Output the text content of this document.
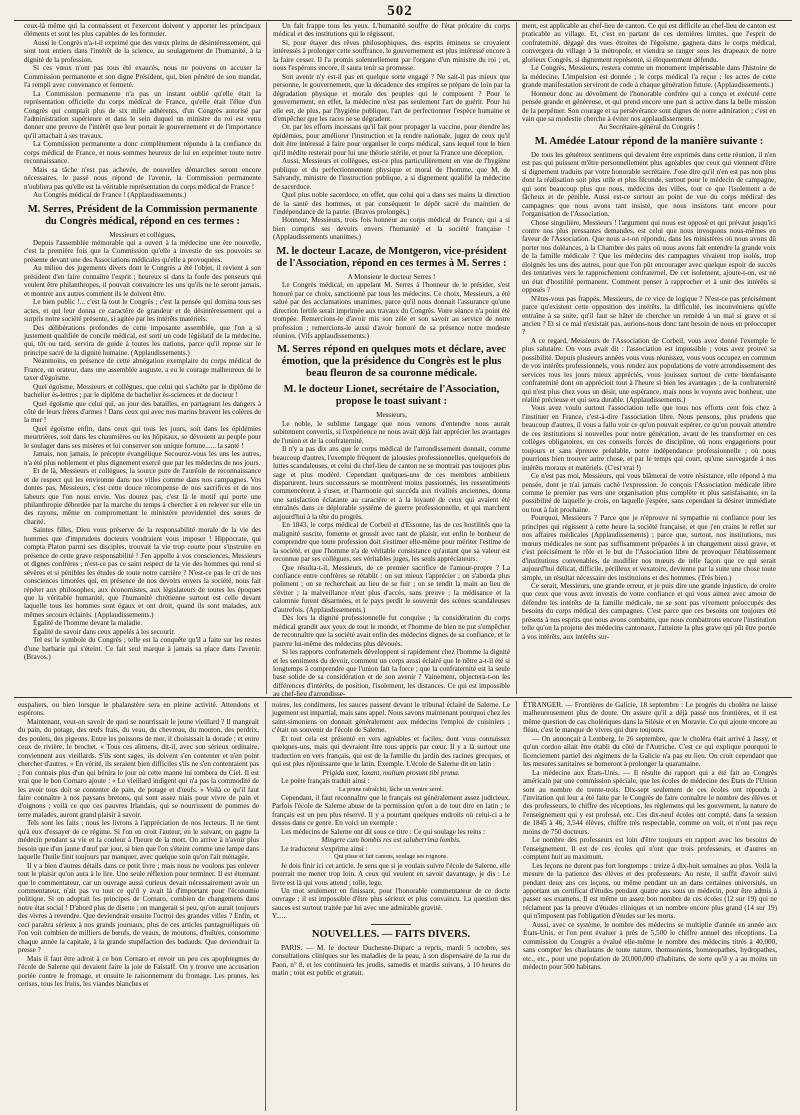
502

ceux-là même qui la connaissent et l'exercent doivent y apporter les principaux éléments et sont les plus capables de les formuler.

Aussi le Congrès n'a-t-il exprimé que des vœux pleins de désintéressement, qui sont tout entiers dans l'intérêt de la science, au soulagement de l'humanité, à la dignité de la profession.

Si ces vœux n'ont pas tous été exaucés, nous ne pouvons en accuser la Commission permanente et son digne Président, qui, bien pénétré de son mandat, l'a rempli avec convenance et fermeté.

La Commission permanente n'a pas un instant oublié qu'elle était la représentation officielle du corps médical de France, qu'elle était l'élue d'un Congrès qui comptait plus de six mille adhérents, d'un Congrès autorisé par l'administration supérieure et dans le sein duquel un ministre du roi est venu donner une preuve de l'intérêt que leur portait le gouvernement et de l'importance qu'il attachait à ses travaux.

La Commission permanente a donc complètement répondu à la confiance du corps médical de France, et nous sommes heureux de lui en exprimer toute notre reconnaissance.

Mais sa tâche n'est pas achevée, de nouvelles démarches seront encore nécessaires, le passé nous répond de l'avenir, la Commission permanente n'oubliera pas qu'elle est la véritable représentation du corps médical de France !

Au Congrès médical de France ! (Applaudissements.)

M. Serres, Président de la Commission permanente du Congrès médical, répond en ces termes :

Messieurs et collègues,

Depuis l'assemblée mémorable qui a ouvert à la médecine une ère nouvelle, c'est la première fois que la Commission qu'elle a investie de ses pouvoirs se présente devant une des Associations médicales qu'elle a provoquées.

Au milieu des jugements divers dont le Congrès a été l'objet, il revient à son président d'en faire connaître l'esprit ; heureux si dans la foule des penseurs qui veulent être philanthropes, il pouvait convaincre les uns qu'ils ne le seront jamais, et montrer aux autres comment ils le doivent être.

Le bien public !... c'est là tout le Congrès ; c'est la pensée qui domina tous ses actes, et qui leur donna ce caractère de grandeur et de désintéressement qui a surpris notre société présente, si agitée par les intérêts matériels.

Des délibérations profondes de cette imposante assemblée, que l'on a si justement qualifiée de concile médical, est sorti un code législatif de la médecine, qui, tôt ou tard, servira de guide à toutes les nations, parce qu'il repose sur le principe sacré de la dignité humaine. (Applaudissements.)

Néanmoins, en présence de cette abnégation exemplaire du corps médical de France, un orateur, dans une assemblée auguste, a eu le courage malheureux de le taxer d'égoïsme.

Quel égoïsme, Messieurs et collègues, que celui qui s'achète par le diplôme de bachelier ès-lettres ; par le diplôme de bachelier ès-sciences et de docteur !

Quel égoïsme que celui qui, au jour des batailles, en partageant les dangers à côté de leurs frères d'armes ! Dans ceux qui avec nos marins bravent les colères de la mer !

Quel égoïsme enfin, dans ceux qui tous les jours, soit dans les épidémies meurtrières, soit dans les chaumières ou les hôpitaux, se dévouent au peuple pour le soulager dans ses misères et lui conserver son unique fortune...... la santé !

Jamais, non jamais, le précepte évangélique Secourez-vous les uns les autres, n'a été plus noblement et plus dignement exercé que par les médecins de nos jours.

Et de là, Messieurs et collègues, la source pure de l'auréole de reconnaissance et de respect qui les environne dans nos villes comme dans nos campagnes. Vos dontes pas, Messieurs, c'est cette douce récompense de nos sacrifices et de nos labeurs que l'on nous envie. Vos doutez pas, c'est là le motif qui porte une philanthropie débordée par la marche du temps à chercher à en relever sur elle un des rayons, même en compromettant le ministère providentiel des sœurs de charité.

Saintes filles, Dieu vous préserve de la responsabilité morale de la vie des hommes que d'imprudens docteurs voudraient vous imposer ! Hippocrate, qui compta Platon parmi ses disciples, trouvait la vie trop courte pour s'instruire en présence de cette grave responsabilité ! J'en appelle à vos consciences, Messieurs et dignes confrères ; n'est-ce pas ce saint respect de la vie des hommes qui rend si sévères et si pénibles les études de toute notre carrière ? N'est-ce pas le cri de nos consciences timorées qui, en présence de nos devoirs envers la société, nous fait répéter aux philosophes, aux économistes, aux législateurs de toutes les époques que la véritable humanité, que l'humanité chrétienne surtout est celle devant laquelle tous les hommes sont égaux et ont droit, quand ils sont malades, aux mêmes secours éclairés. (Applaudissements.)

Égalité de l'homme devant la maladie.

Égalité de savoir dans ceux appelés à les secourir.

Tel est le symbole du Congrès ; telle est la conquête qu'il a faite sur les restes d'une barbarie qui s'éteint. Ce fait seul marque à jamais sa place dans l'avenir. (Bravos.)

Un fait frappe tous les yeux. L'humanité souffre de l'état précaire du corps médical et des institutions qui le régissent.

Si, pour étayer des rêves philosophiques, des esprits éminens se croyaient intéressés à prolonger cette souffrance, le gouvernement est plus intéressé encore à la faire cesser. Il l'a promis solennellement par l'organe d'un ministre du roi ; et, nous l'espérons encore, il saura tenir sa promesse.

Son avenir n'y est-il pas en quelque sorte engagé ? Ne sait-il pas mieux que personne, le gouvernement, que la décadence des empires se prépare de loin par la dégradation physique et morale des peuples qui le composent ? Pour le gouvernement, en effet, la médecine n'est pas seulement l'art de guérir. Pour lui elle est, de plus, par l'hygiène publique, l'art de perfectionner l'espèce humaine et d'empêcher que les races ne se dégradent.

Or, par les efforts incessans qu'il fait pour propager la vaccine, pour étendre les épidémies, pour améliorer l'instruction et la rendre nationale, jugez de ceux qu'il doit être intéressé à faire pour organiser le corps médical, sans lequel tout le bien qu'il médite resterait pour lui une théorie stérile, et pour la France une déception.

Aussi, Messieurs et collègues, est-ce plus particulièrement en vue de l'hygiène publique et du perfectionnement physique et moral de l'homme, que M. de Salvandy, ministre de l'instruction publique, a si dignement qualifié la médecine de sacerdoce.

Quel plus noble sacerdoce, en effet, que celui qui a dans ses mains la direction de la santé des hommes, et par conséquent le dépôt sacré du maintien de l'indépendance de la patrie. (Bravos prolongés.)

Honneur, Messieurs, trois fois honneur au corps médical de France, qui a si bien compris ses devoirs envers l'humanité et la société française ! (Applaudissements unanimes.)

M. le docteur Lacaze, de Montgeron, vice-président de l'Association, répond en ces termes à M. Serres :

A Monsieur le docteur Serres !

Le Congrès médical, en appelant M. Serres à l'honneur de le présider, s'est honoré par ce choix, sanctionné par tous les médecins. Ce choix, Messieurs, a été salué par des acclamations unanimes, parce qu'il nous donnait l'assurance qu'une direction fertile serait imprimée aux travaux du Congrès. Votre séance n'a point été trompée. Remercions-le d'avoir mis son zèle et son savoir au service de notre profession ; remercions-le aussi d'avoir honoré de sa présence notre modeste réunion. (Vifs applaudissements.)

M. Serres répond en quelques mots et déclare, avec émotion, que la présidence du Congrès est le plus beau fleuron de sa couronne médicale.

M. le docteur Lionet, secrétaire de l'Association, propose le toast suivant :

Messieurs,

Le noble, le sublime langage que nous venons d'entendre nous aurait subitement convertis, si l'expérience ne nous avait déjà fait apprécier les avantages de l'union et de la confraternité.

Il n'y a pas dix ans que le corps médical de l'arrondissement donnait, comme beaucoup d'autres, l'exemple fréquent de jalousies professionnelles, quelquefois de luttes scandaleuses, et celui du chef-lieu de canton ne se montrait pas toujours plus sage et plus modéré. Cependant quelques-uns de ces membres ambitieux disparurent, leurs successeurs se montrèrent moins passionnés, les ressentiments commencèrent à s'user, et l'harmonie qui succéda aux rivalités anciennes, donna une satisfaction éclatante au caractère et à la loyauté de ceux qui avaient été entraînés dans ce déplorable système de guerre professionnelle, et qui marchent aujourd'hui à la tête du progrès.

En 1843, le corps médical de Corbeil et d'Essonne, las de ces hostilités que la malignité suscite, fomente et grossit avec tant de plaisir, eut enfin le bonheur de comprendre que toute profession doit s'estimer elle-même pour mériter l'estime de la société, et que l'homme n'a de véritable consistance qu'autant que sa valeur est reconnue par ses collègues, ses véritables juges, les seuls appréciateurs.

Que résulta-t-il, Messieurs, de ce premier sacrifice de l'amour-propre ? La confiance entre confrères se rétablit : on sut mieux l'apprécier ; on s'aborda plus poliment ; on se recherchait au lieu de se fuir ; on se tendit la main au lieu de s'éviter ; la malveillance n'eut plus d'accès, sans preuve ; la médisance et la calomnie furent désarmées, et le pays perdit le souvenir des scènes scandaleuses d'autrefois. (Applaudissements.)

Dès lors la dignité professionnelle fut conquise ; la considération du corps médical grandit aux yeux de tout le monde, et l'homme de bien ne put s'empêcher de reconnaître que la société avait enfin des médecins dignes de sa confiance, et le pauvre lui-même des médecins plus dévoués.

Si les rapports confraternels développent si rapidement chez l'homme la dignité et les sentimens du devoir, comment un corps aussi éclairé que le nôtre a-t-il été si longtemps à comprendre que l'union fait la force ; que la confraternité est la seule base solide de sa considération et de son avenir ? Vainement, objectera-t-on les différences d'intérêts, de position, l'isolement, les distances. Ce qui est impossible au chef-lieu d'arrondisse-

ment, est applicable au chef-lieu de canton. Ce qui est difficile au chef-lieu de canton est praticable au village. Et, c'est en partant de ces dernières limites, que l'esprit de confraternité, dégagé des vues étroites de l'égoïsme, gagnera dans le corps médical, convergera du village à la métropole, et viendra se ranger sous les drapeaux de notre glorieux Congrès, si dignement représenté, si éloquemment défendu.

Le Congrès, Messieurs, restera comme un monument impérissable dans l'histoire de la médecine. L'impulsion est donnée ; le corps médical l'a reçue ; les actes de cette grande manifestation serviront de code à chaque génération future. (Applaudissements.)

Honneur donc au dévoûment de l'honorable confrère qui a conçu et exécuté cette pensée grande et généreuse, et qui prend encore une part si active dans la belle mission de la perpétuer. Son courage et sa persévérance sont dignes de notre admiration ; c'est en vain que sa modestie cherche à éviter nos applaudissements.

Au Secrétaire-général du Congrès !

M. Amédée Latour répond de la manière suivante :

De tous les généreux sentimens qui devaient être exprimés dans cette réunion, il n'en est pas qui puissent m'être personnellement plus agréables que ceux qui viennent d'être si dignement traduits par votre honorable secrétaire. J'ose dire qu'il n'en est pas non plus dont la réalisation soit plus utile et plus féconde, surtout pour le médecin de campagne, qui sont beaucoup plus que nous, médecins des villes, tout ce que l'isolement a de fâcheux et de pénible. Aussi est-ce surtout au point de vue du corps médical des campagnes que nous avons tant insisté, que nous insistons tant encore pour l'organisation de l'Association.

Chose singulière, Messieurs ! l'argument qui nous est opposé et qui prévaut jusqu'ici contre nos plus pressantes demandes, est celui que nous invoquons nous-mêmes en faveur de l'Association. Que nous a-t-on répondu, dans les ministères où nous avons dû porter nos doléances, à la Chambre des pairs où nous avons fait entendre la grande voix de la famille médicale ? Que les médecins des campagnes vivaient trop isolés, trop éloignés les uns des autres, pour que l'on pût encourager avec quelque espoir de succès des tentatives vers le rapprochement confraternel. De cet isolement, ajoute-t-on, est né un état d'hostilité permanent. Comment penser à rapprocher et à unir des intérêts si opposés ?

N'êtes-vous pas frappés, Messieurs, de ce vice de logique ? N'est-ce pas précisément parce qu'existent cette opposition des intérêts, la difficulté, les inconvéniens qu'elle entraîne à sa suite, qu'il faut se hâter de chercher un remède à un mal si grave et si ancien ? Et si ce mal n'existait pas, aurions-nous donc tant besoin de nous en préoccuper ?

A ce regard, Messieurs de l'Association de Corbeil, vous avez donné l'exemple le plus salutaire. On vous avait dit : l'association est impossible ; vous avez prouvé sa possibilité. Depuis plusieurs années vous vous réunissez, vous vous occupez en commun de vos intérêts professionnels, vous rendez aux populations de votre arrondissement des services tous les jours mieux appréciés, vous jouissez surtout de cette bienfaisante confraternité dont on apprécioit tout à l'heure si bien les avantages ; de la confraternité qui n'est plus chez vous un désir, une espérance, mais nous le voyons avec bonheur, une réalité précieuse et qui sera durable. (Applaudissements.)

Vous avez voulu surtout l'association telle que tous nos efforts cent fois chez à l'instituer en France, c'est-à-dire l'association libre. Nous pensons, plus prudens que beaucoup d'autres, il vous a fallu voir ce qu'on pouvait espérer, ce qu'on pouvait attendre de ces institutions si nouvelles pour notre génération, avant de les transformer en ces collèges obligatoires, en ces conseils forcés de discipline, où nous engagerions pour toujours et sans épreuve préalable, notre indépendance professionnelle ; où nous pourrions bien trouver autre chose, et par le temps qui court, qu'une sauvegarde à nos intérêts moraux et matériels. (C'est vrai !)

Ce n'est pas moi, Messieurs, qui vous blâmerai de votre résistance, elle répond à ma pensée, dont je n'ai jamais caché l'expression. Je conçois l'Association médicale libre comme le premier pas vers une organisation plus complète et plus satisfaisante, en la possibilité de laquelle je crois, en laquelle j'espère, sans cependant la désirer immédiate ou tout à fait prochaine.

Pourquoi, Messieurs ? Parce que je n'éprouve ni sympathie ni confiance pour les principes qui régissent à cette heure la société française, et que j'en crains le reflet sur nos affaires médicales (Applaudissements) ; parce que, surtout, nos institutions, nos mœurs médicales ne sont pas suffisamment préparées à un changement aussi grave, et c'est précisément le rôle et le but de l'Association libre de provoquer l'établissement d'institutions convenables, de modifier nos mœurs de telle façon que ce qui serait aujourd'hui délicat, difficile, périlleux et vexatoire, devienne par la suite une chose toute simple, un résultat nécessaire des institutions et des hommes. (Très bien.)

Ce serait, Messieurs, une grande erreur, et je puis dire une grande injustice, de croire que ceux que vous avez investis de votre confiance et qui vous aimez avec amour de défendre les intérêts de la famille médicale, ne se sont pas vivement préoccupés des besoins du corps médical des campagnes. C'est parce que ces besoins ont toujours été présens à nos esprits que nous avons combattu, que nous combattrons encore l'institution telle qu'on la projette des médecins cantonaux, l'atteinte la plus grave qui pût être portée à vos intérêts, aux intérêts sur-

euspaliers, ou bien lorsque le phalanstère sera en pleine activité. Attendons et espérons.

Maintenant, veut-on savoir de quoi se nourrissait le jeune vieillard ? Il mangeait du pain, du potage, des œufs frais, du veau, du chevreau, du mouton, des perdrix, des poulets, des pigeons. Entre les poissons de mer, il choisissait la dorade ; et entre ceux de rivière, le brochet. « Tous ces alimens, dit-il, avec son sérieux ordinaire, conviennent aux vieillards. S'ils sont sages, ils doivent s'en contenter et n'en point chercher d'autres. » En vérité, ils seraient bien difficiles s'ils ne s'en contentaient pas ; l'on connais plus d'un qui bénira le jour où cette manne lui tombera du Ciel. Il est vrai que le bon Cornaro ajoute : « Le vieillard indigent qui n'a pas la commodité de les avoir tous doit se contenter de pain, de potage et d'œufs. » Voilà ce qu'il faut faire connaître à nos paysans bretons, qui sont assez niais pour vivre de pain et d'oignons ; voilà ce que ces pauvres Irlandais, qui se nourrissent de pommes de terre malades, auront grand plaisir à savoir.

Tels sont les faits ; nous les livrons à l'appréciation de nos lecteurs. Il ne tient qu'à eux d'essayer de ce régime. Si l'on en croit l'auteur, en le suivant, on gagne la médecin pendant sa vie et la couleur à l'heure de la mort. On arrive à n'avoir plus besoin que d'un jaune d'œuf par jour, si bien que l'on s'éteint comme une lampe dans laquelle l'huile finit toujours par manquer, avec quelque soin qu'on l'ait ménagée.

Il y a bien d'autres détails dans ce petit livre ; mais nous ne voulons pas enlever tout le plaisir qu'on aura à le lire. Une seule réflexion pour terminer. Il est étonnant que le commentateur, car un ouvrage aussi curieux devait nécessairement avoir un commentateur, n'ait pas vu tout ce qu'il y avait là d'important pour l'économie politique. Si on adoptait les principes de Cornaro, combien de changemens dans notre état social ! D'abord plus de disette ; on mangerait si peu, qu'on aurait toujours des vivres à revendre. Que deviendrait ensuite l'octroi des grandes villes ? Enfin, et ceci paraîtra sérieux à nos grands journaux, plus de ces articles pantagruéliques où l'on voit combien de milliers de bœufs, de veaux, de moutons, d'huîtres, consomme chaque année la capitale, à la grande stupéfaction des badauds. Que deviendrait la presse ?

Mais il faut être adroit à ce bon Cornaro et revoir un peu ces apophtegmes de l'école de Salerne qui devaient faire la joie de Falstaff. On y trouve une accusation portée contre le fromage, et ensuite le raisonnement du fromage. Les prunes, les cerises, tous les fruits, les viandes blanches et

noires, les condimens, les sauces passent devant le tribunal éclairé de Salerne. Le jugement est impartial, mais sans appel. Nous savons maintenant pourquoi chez les saint-simoniens on donnait généralement aux médecins l'emploi de cuisiniers ; c'était un souvenir de l'école de Salerne.

Et tout cela est présenté en vers agréables et faciles, dont vous connaissez quelques-uns, mais qui devraient être tous appris par cœur. Il y a là surtout une traduction en vers français, qui est de la famille du jardin des racines grecques, et qui est plus réjouissante que le latin. Exemple. L'école de Salerne dit en latin :

Prigida sunt, laxant, multum prosunt tibi pruna.

Le poète français traduit ainsi :

La prune rafraîchit, lâche un ventre serré.

Cependant, il faut reconnaître que le français est généralement assez judicieux. Parfois l'école de Salerne abuse de la permission qu'on a de tout dire en latin ; le français est un peu plus réservé. Il y a pourtant quelques endroits où celui-ci a le dessus dans ce genre. En voici un exemple :

Les médecins de Salerne ont dit sous ce titre : Ce qui soulage les reins :

Mingere cum bombis res est saluberrima lombis.

Le traducteur s'exprime ainsi :

Qui pisse et fait canons, soulage ses rognons.

Je dois finir ici cet article. Je sens que si je voulais suivre l'école de Salerne, elle pourrait me mener trop loin. A ceux qui veulent en savoir davantage, je dis : Le livre est là qui vous attend ; tolle, lege.

Un mot seulement en finissant, pour l'honorable commentateur de ce docte ouvrage ; il est impossible d'être plus sérieux et plus convaincu. La question des sauces est surtout traitée par lui avec une admirable gravité.

Y......

NOUVELLES. — FAITS DIVERS.

PARIS. — M. le docteur Duchesne-Duparc a repris, mardi 5 octobre, ses consultations cliniques sur les maladies de la peau, à son dispensaire de la rue du Paon, n° 8, et les continuera les jeudis, samedis et mardis suivans, à 10 heures du matin ; tout est public et gratuit.

ÉTRANGER. — Frontières de Galicie, 18 septembre : Le progrès du choléra ne laisse malheureusement plus de doute. On assure qu'il a déjà passé nos frontières, et il est même question de cas cholériques dans la Silésie et en Moravie. Ce qui ajoute encore au fléau, c'est le manque de vivres qui dure toujours.

— On annonçait à Lemberg, le 26 septembre, que le choléra était arrivé à Jassy, et qu'un cordon allait être établi du côté de l'Autriche. C'est ce qui explique pourquoi le licenciement partiel des régimens de la Galicie n'a pas eu lieu. On croit cependant que les mesures sanitaires se borneront à prolonger la quarantaine.

La médecine aux États-Unis. — Il résulte du rapport qui a été fait au Congrès américain par une commission spéciale, que les écoles de médecine des États de l'Union sont au nombre de trente-trois. Dix-sept seulement de ces écoles ont répondu à l'invitation qui leur a été faite par le Congrès de faire connaître le nombre des élèves et des professeurs, le chiffre des réceptions, les règlemens qui les gouvernent, la nature de l'enseignement qui y est professé, etc. Ces dix-neuf écoles ont compté, dans la session de 1845 à 46, 3,544 élèves, chiffre très respectable, comme on voit, et n'ont pas reçu moins de 750 docteurs.

Le nombre des professeurs est loin d'être toujours en rapport avec les besoins de l'enseignement. Il est de ces écoles qui n'ont que trois professeurs, et d'autres en comptent huit au maximum.

Les leçons ne durent pas fort longtemps : treize à dix-huit semaines au plus. Voilà la mesure de la patience des élèves et des professeurs. Au reste, il suffit d'avoir suivi pendant deux ans ces leçons, ou même pendant un an dans certaines universités, en apportant un certificat d'études pendant quatre ans sous un médecin, pour être admis à passer ses examens. Il est même un assez bon nombre de ces écoles (12 sur 19) qui ne réclament pas la preuve d'études cliniques et un nombre encore plus grand (14 sur 19) qui n'imposent pas l'obligation d'études sur les morts.

Aussi, avec ce système, le nombre des médecins se multiplie d'année en année aux États-Unis, et l'on peut évaluer à près de 5,500 le chiffre annuel des réceptions. La commission du Congrès a évalué elle-même le nombre des médecins titrés à 40,000, sans compter les charlatans de toute nature, thomsoniens, homœopathes, hydropathes, etc., etc., pour une population de 20,000,000 d'habitans, de sorte qu'il y a au moins un médecin pour 500 habitans.
